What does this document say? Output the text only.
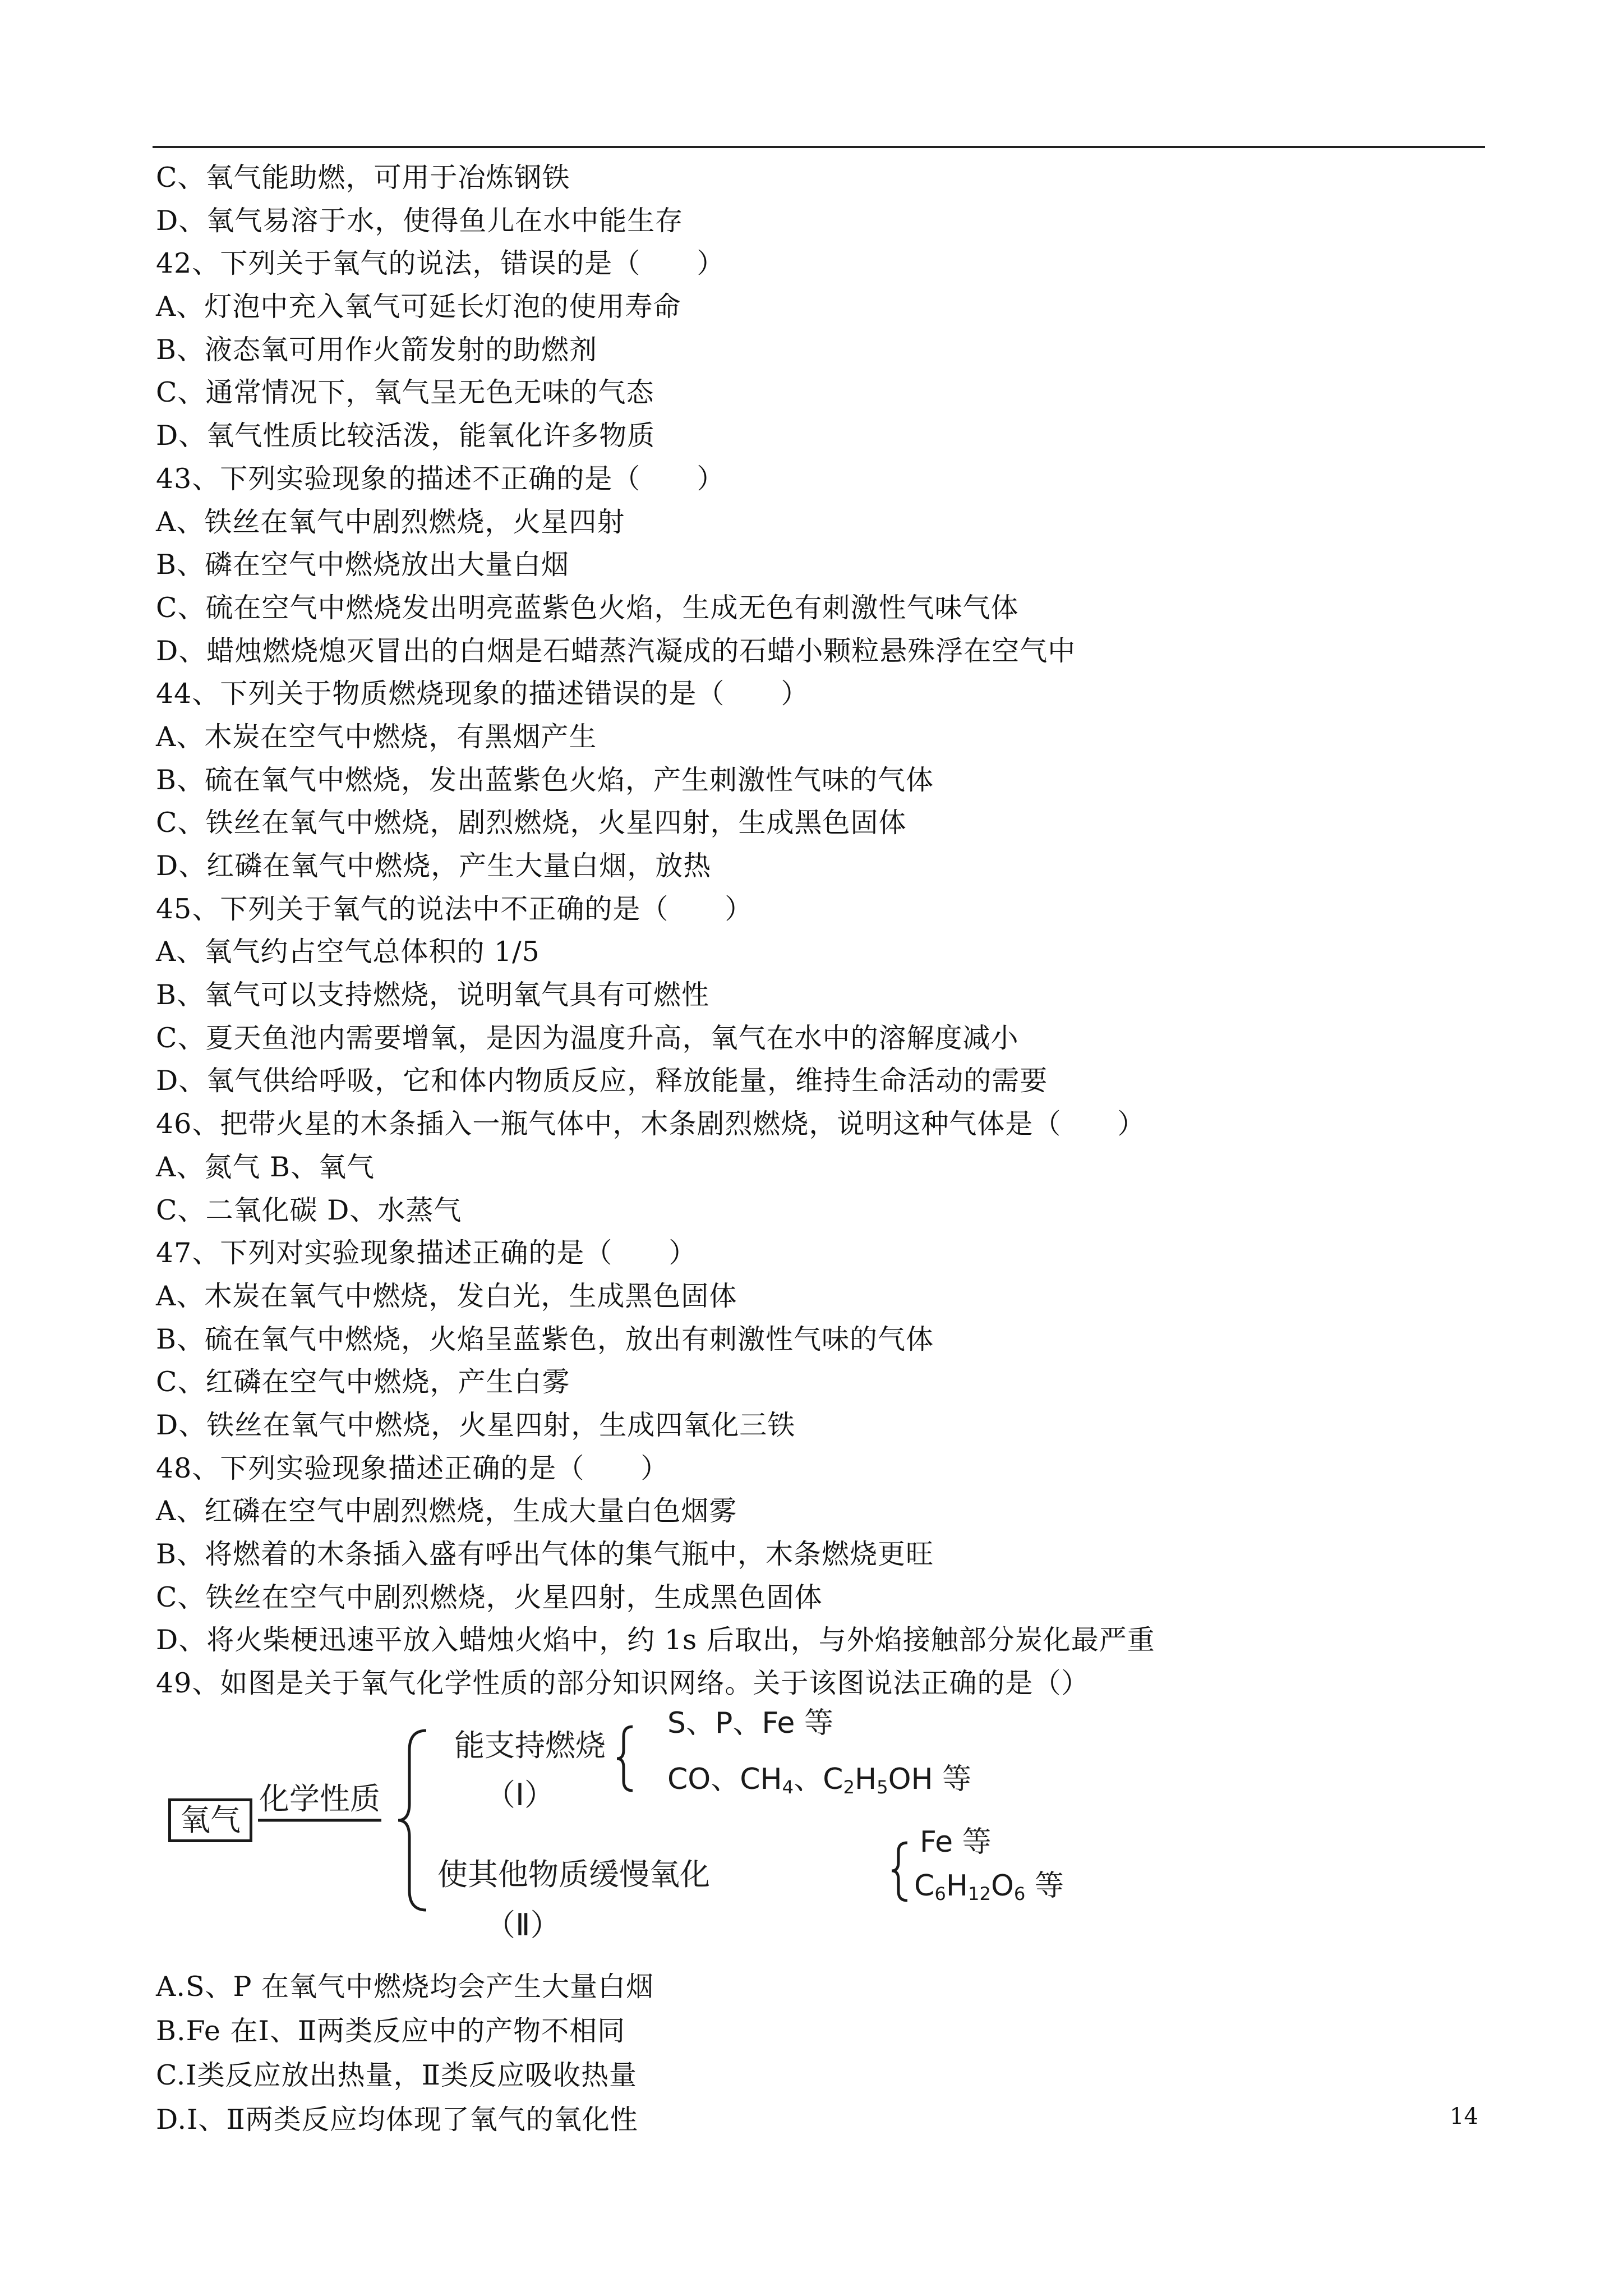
C、氧气能助燃，可用于冶炼钢铁
D、氧气易溶于水，使得鱼儿在水中能生存
42、下列关于氧气的说法，错误的是（　　）
A、灯泡中充入氧气可延长灯泡的使用寿命
B、液态氧可用作火箭发射的助燃剂
C、通常情况下，氧气呈无色无味的气态
D、氧气性质比较活泼，能氧化许多物质
43、下列实验现象的描述不正确的是（　　）
A、铁丝在氧气中剧烈燃烧，火星四射
B、磷在空气中燃烧放出大量白烟
C、硫在空气中燃烧发出明亮蓝紫色火焰，生成无色有刺激性气味气体
D、蜡烛燃烧熄灭冒出的白烟是石蜡蒸汽凝成的石蜡小颗粒悬殊浮在空气中
44、下列关于物质燃烧现象的描述错误的是（　　）
A、木炭在空气中燃烧，有黑烟产生
B、硫在氧气中燃烧，发出蓝紫色火焰，产生刺激性气味的气体
C、铁丝在氧气中燃烧，剧烈燃烧，火星四射，生成黑色固体
D、红磷在氧气中燃烧，产生大量白烟，放热
45、下列关于氧气的说法中不正确的是（　　）
A、氧气约占空气总体积的 1/5
B、氧气可以支持燃烧，说明氧气具有可燃性
C、夏天鱼池内需要增氧，是因为温度升高，氧气在水中的溶解度减小
D、氧气供给呼吸，它和体内物质反应，释放能量，维持生命活动的需要
46、把带火星的木条插入一瓶气体中，木条剧烈燃烧，说明这种气体是（　　）
A、氮气 B、氧气
C、二氧化碳 D、水蒸气
47、下列对实验现象描述正确的是（　　）
A、木炭在氧气中燃烧，发白光，生成黑色固体
B、硫在氧气中燃烧，火焰呈蓝紫色，放出有刺激性气味的气体
C、红磷在空气中燃烧，产生白雾
D、铁丝在氧气中燃烧，火星四射，生成四氧化三铁
48、下列实验现象描述正确的是（　　）
A、红磷在空气中剧烈燃烧，生成大量白色烟雾
B、将燃着的木条插入盛有呼出气体的集气瓶中，木条燃烧更旺
C、铁丝在空气中剧烈燃烧，火星四射，生成黑色固体
D、将火柴梗迅速平放入蜡烛火焰中，约 1s 后取出，与外焰接触部分炭化最严重
49、如图是关于氧气化学性质的部分知识网络。关于该图说法正确的是（）
氧气
化学性质
能支持燃烧
（Ⅰ）
S、P、Fe 等
CO、$CH_4$、$C_2H_5OH$ 等
使其他物质缓慢氧化
（Ⅱ）
Fe 等
$C_6H_{12}O_6$ 等
A.S、P 在氧气中燃烧均会产生大量白烟
B.Fe 在Ⅰ、Ⅱ两类反应中的产物不相同
C.Ⅰ类反应放出热量，Ⅱ类反应吸收热量
D.Ⅰ、Ⅱ两类反应均体现了氧气的氧化性	14
